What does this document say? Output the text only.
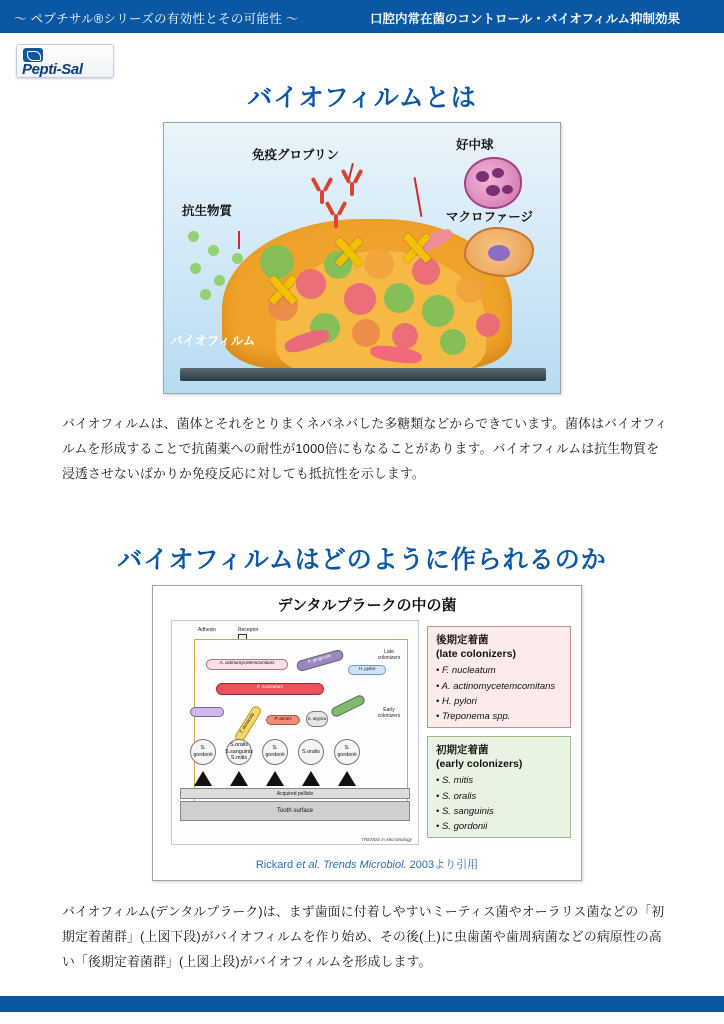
〜 ペプチサル®シリーズの有効性とその可能性 〜	口腔内常在菌のコントロール・バイオフィルム抑制効果
Pepti-Sal
バイオフィルムとは
免疫グロブリン
好中球
抗生物質	マクロファージ
バイオフィルム
バイオフィルムは、菌体とそれをとりまくネバネバした多糖類などからできています。菌体はバイオフィルムを形成することで抗菌薬への耐性が1000倍にもなることがあります。バイオフィルムは抗生物質を浸透させないばかりか免疫反応に対しても抵抗性を示します。
バイオフィルムはどのように作られるのか
デンタルプラークの中の菌
Adhesin	Receptor
A. actinomycetemcomitans	P. gingivalis
H. pylori
Late
colonizers
F. nucleatum
T. denticola	P. acnes	S. atypica
Early
colonizers
S.
gordonii
S.oralis
S.sanguinis
S.mitis
S.
gordonii
S.oralis
S.
gordonii
Acquired pellicle
Tooth surface
TRENDS in Microbiology
後期定着菌
(late colonizers)
• F. nucleatum
• A. actinomycetemcomitans
• H. pylori
• Treponema spp.
初期定着菌
(early colonizers)
• S. mitis
• S. oralis
• S. sanguinis
• S. gordonii
Rickard et al. Trends Microbiol. 2003より引用
バイオフィルム(デンタルプラーク)は、まず歯面に付着しやすいミーティス菌やオーラリス菌などの「初期定着菌群」(上図下段)がバイオフィルムを作り始め、その後(上)に虫歯菌や歯周病菌などの病原性の高い「後期定着菌群」(上図上段)がバイオフィルムを形成します。
